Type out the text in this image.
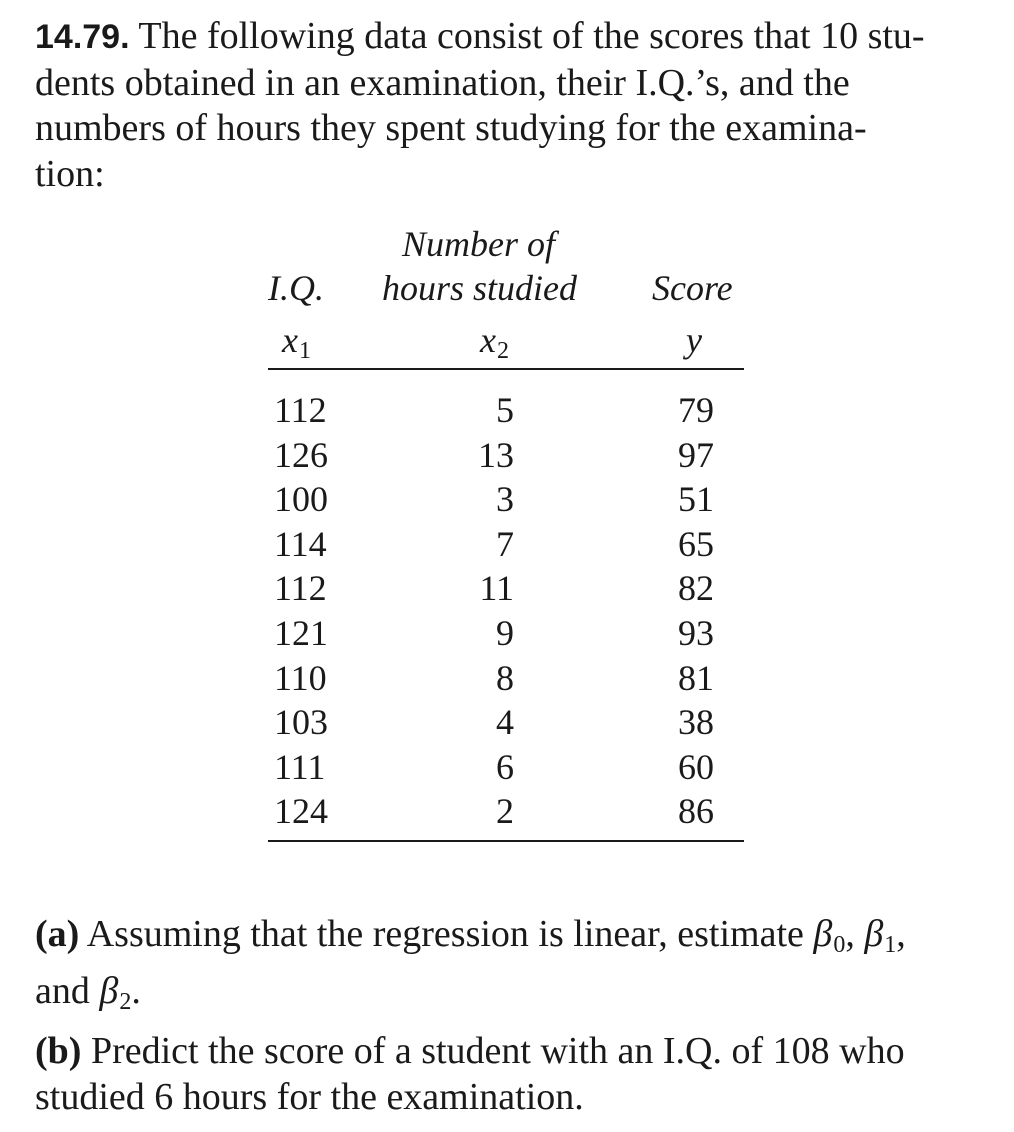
14.79. The following data consist of the scores that 10 stu-
dents obtained in an examination, their I.Q.’s, and the
numbers of hours they spent studying for the examina-
tion:
Number of
I.Q. hours studied Score
$x_1$	$x_2$	y
112	5	79
126	13	97
100	3	51
114	7	65
112	11	82
121	9	93
110	8	81
103	4	38
111	6	60
124	2	86
(a) Assuming that the regression is linear, estimate $\beta_0$, $\beta_1$,
and $\beta_2$.
(b) Predict the score of a student with an I.Q. of 108 who studied 6 hours for the examination.
